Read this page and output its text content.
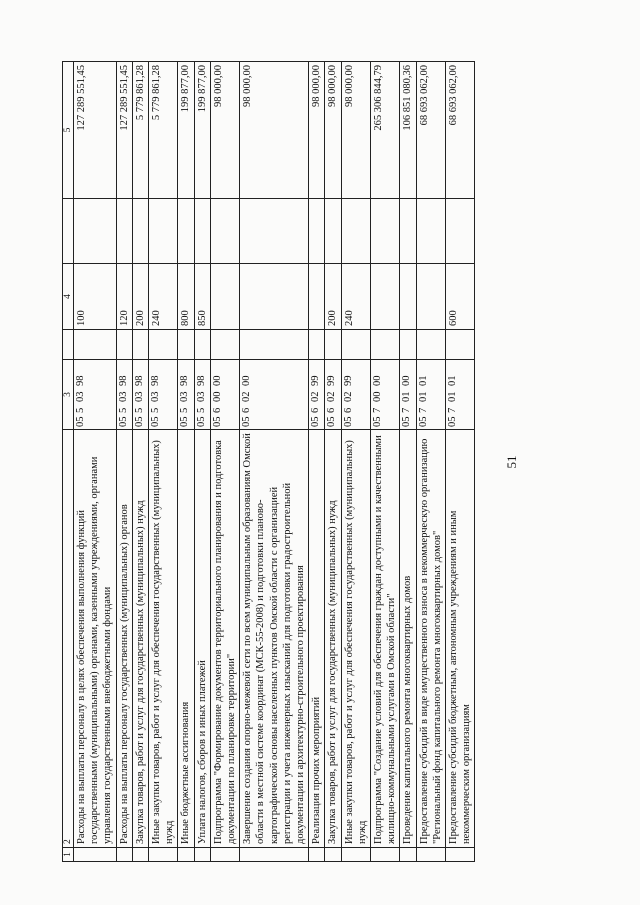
1	2	3		4		5
	Расходы на выплаты персоналу в целях обеспечения выполнения функций государственными (муниципальными) органами, казенными учреждениями, органами управления государственными внебюджетными фондами	0550398		100		127 289 551,45
	Расходы на выплаты персоналу государственных (муниципальных) органов	0550398		120		127 289 551,45
	Закупка товаров, работ и услуг для государственных (муниципальных) нужд	0550398		200		5 779 861,28
	Иные закупки товаров, работ и услуг для обеспечения государственных (муниципальных) нужд	0550398		240		5 779 861,28
	Иные бюджетные ассигнования	0550398		800		199 877,00
	Уплата налогов, сборов и иных платежей	0550398		850		199 877,00
	Подпрограмма "Формирование документов территориального планирования и подготовка документации по планировке территории"	0560000				98 000,00
	Завершение создания опорно-межевой сети по всем муниципальным образованиям Омской области в местной системе координат (МСК-55-2008) и подготовки планово-картографической основы населенных пунктов Омской области с организацией регистрации и учета инженерных изысканий для подготовки градостроительной документации и архитектурно-строительного проектирования	0560200				98 000,00
	Реализация прочих мероприятий	0560299				98 000,00
	Закупка товаров, работ и услуг для государственных (муниципальных) нужд	0560299		200		98 000,00
	Иные закупки товаров, работ и услуг для обеспечения государственных (муниципальных) нужд	0560299		240		98 000,00
	Подпрограмма "Создание условий для обеспечения граждан доступными и качественными жилищно-коммунальными услугами в Омской области"	0570000				265 306 844,79
	Проведение капитального ремонта многоквартирных домов	0570100				106 851 080,36
	Предоставление субсидий в виде имущественного взноса в некоммерческую организацию "Региональный фонд капитального ремонта многоквартирных домов"	0570101				68 693 062,00
	Предоставление субсидий бюджетным, автономным учреждениям и иным некоммерческим организациям	0570101		600		68 693 062,00
51
